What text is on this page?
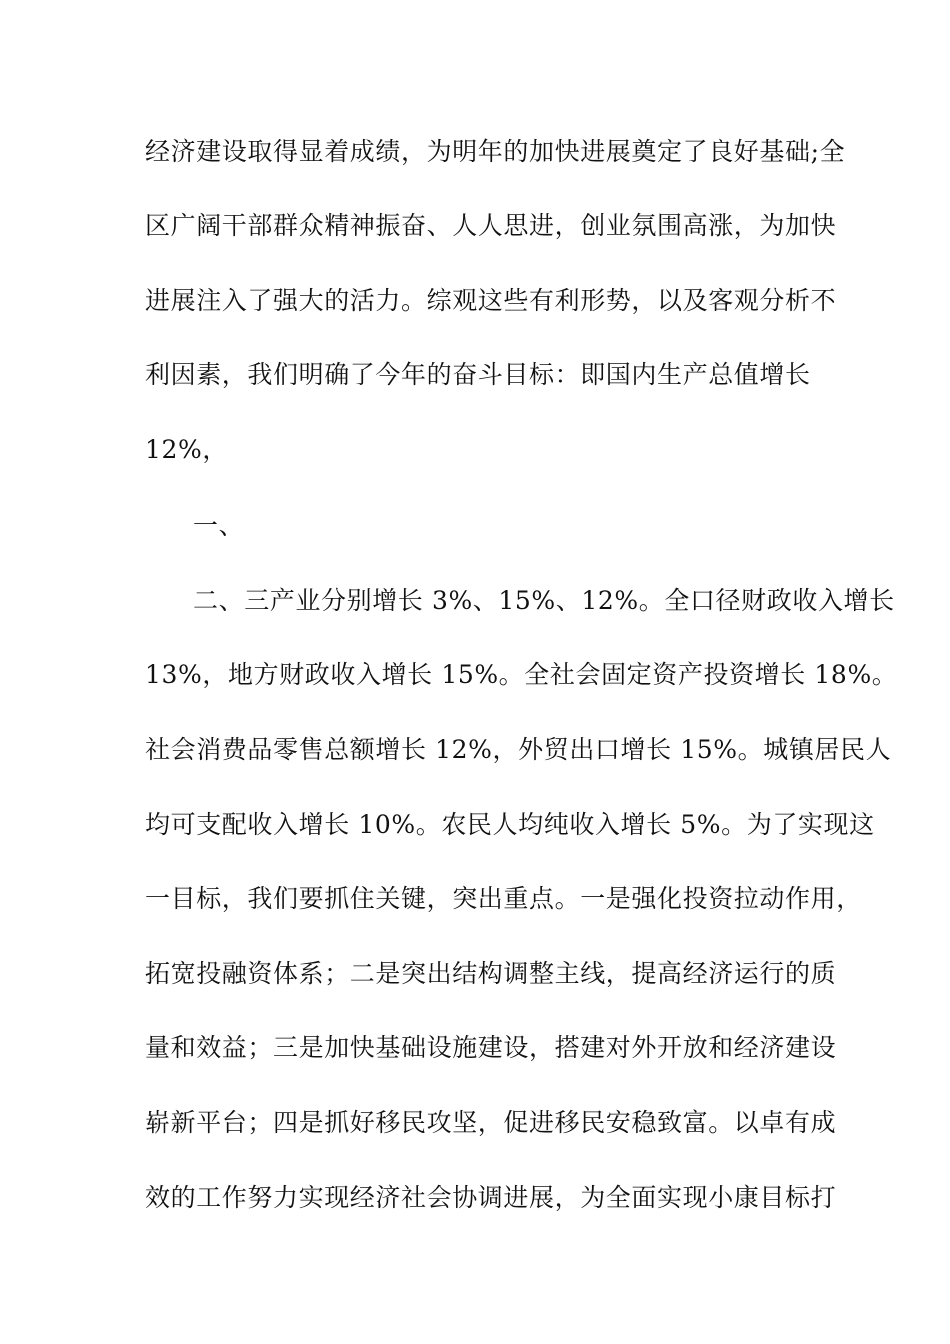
经济建设取得显着成绩，为明年的加快进展奠定了良好基础;全
区广阔干部群众精神振奋、人人思进，创业氛围高涨，为加快
进展注入了强大的活力。综观这些有利形势，以及客观分析不
利因素，我们明确了今年的奋斗目标：即国内生产总值增长
12%，
一、
二、三产业分别增长 3%、15%、12%。全口径财政收入增长
13%，地方财政收入增长 15%。全社会固定资产投资增长 18%。
社会消费品零售总额增长 12%，外贸出口增长 15%。城镇居民人
均可支配收入增长 10%。农民人均纯收入增长 5%。为了实现这
一目标，我们要抓住关键，突出重点。一是强化投资拉动作用，
拓宽投融资体系；二是突出结构调整主线，提高经济运行的质
量和效益；三是加快基础设施建设，搭建对外开放和经济建设
崭新平台；四是抓好移民攻坚，促进移民安稳致富。以卓有成
效的工作努力实现经济社会协调进展，为全面实现小康目标打
